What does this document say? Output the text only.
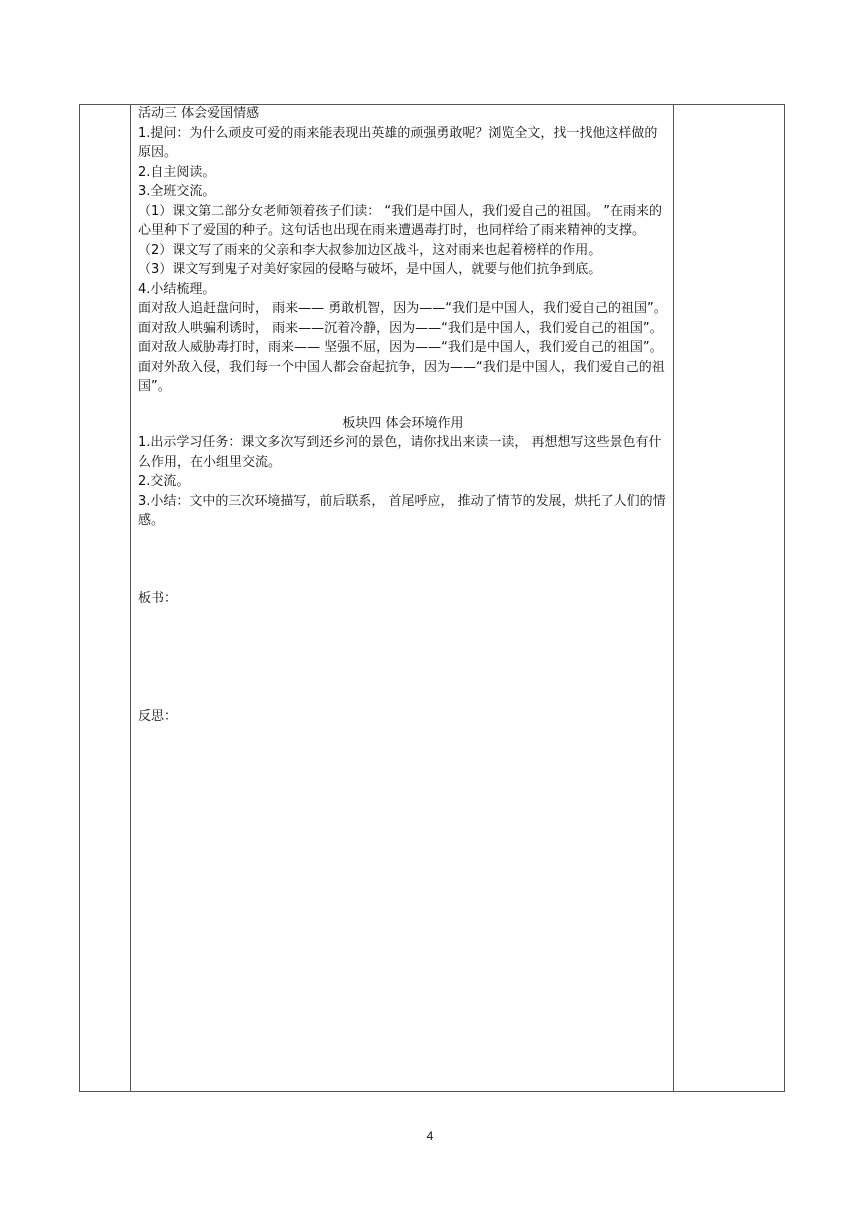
活动三 体会爱国情感

1.提问：为什么顽皮可爱的雨来能表现出英雄的顽强勇敢呢？浏览全文，找一找他这样做的原因。

2.自主阅读。

3.全班交流。

（1）课文第二部分女老师领着孩子们读： “我们是中国人，我们爱自己的祖国。 ”在雨来的心里种下了爱国的种子。这句话也出现在雨来遭遇毒打时，也同样给了雨来精神的支撑。

（2）课文写了雨来的父亲和李大叔参加边区战斗，这对雨来也起着榜样的作用。

（3）课文写到鬼子对美好家园的侵略与破坏，是中国人，就要与他们抗争到底。

4.小结梳理。

面对敌人追赶盘问时， 雨来—— 勇敢机智，因为——“我们是中国人，我们爱自己的祖国”。

面对敌人哄骗利诱时， 雨来——沉着冷静，因为——“我们是中国人，我们爱自己的祖国”。

面对敌人威胁毒打时，雨来—— 坚强不屈，因为——“我们是中国人，我们爱自己的祖国”。

面对外敌入侵，我们每一个中国人都会奋起抗争，因为——“我们是中国人，我们爱自己的祖国”。

板块四 体会环境作用

1.出示学习任务：课文多次写到还乡河的景色，请你找出来读一读， 再想想写这些景色有什么作用，在小组里交流。

2.交流。

3.小结：文中的三次环境描写，前后联系， 首尾呼应， 推动了情节的发展，烘托了人们的情感。

板书：

反思：

4
